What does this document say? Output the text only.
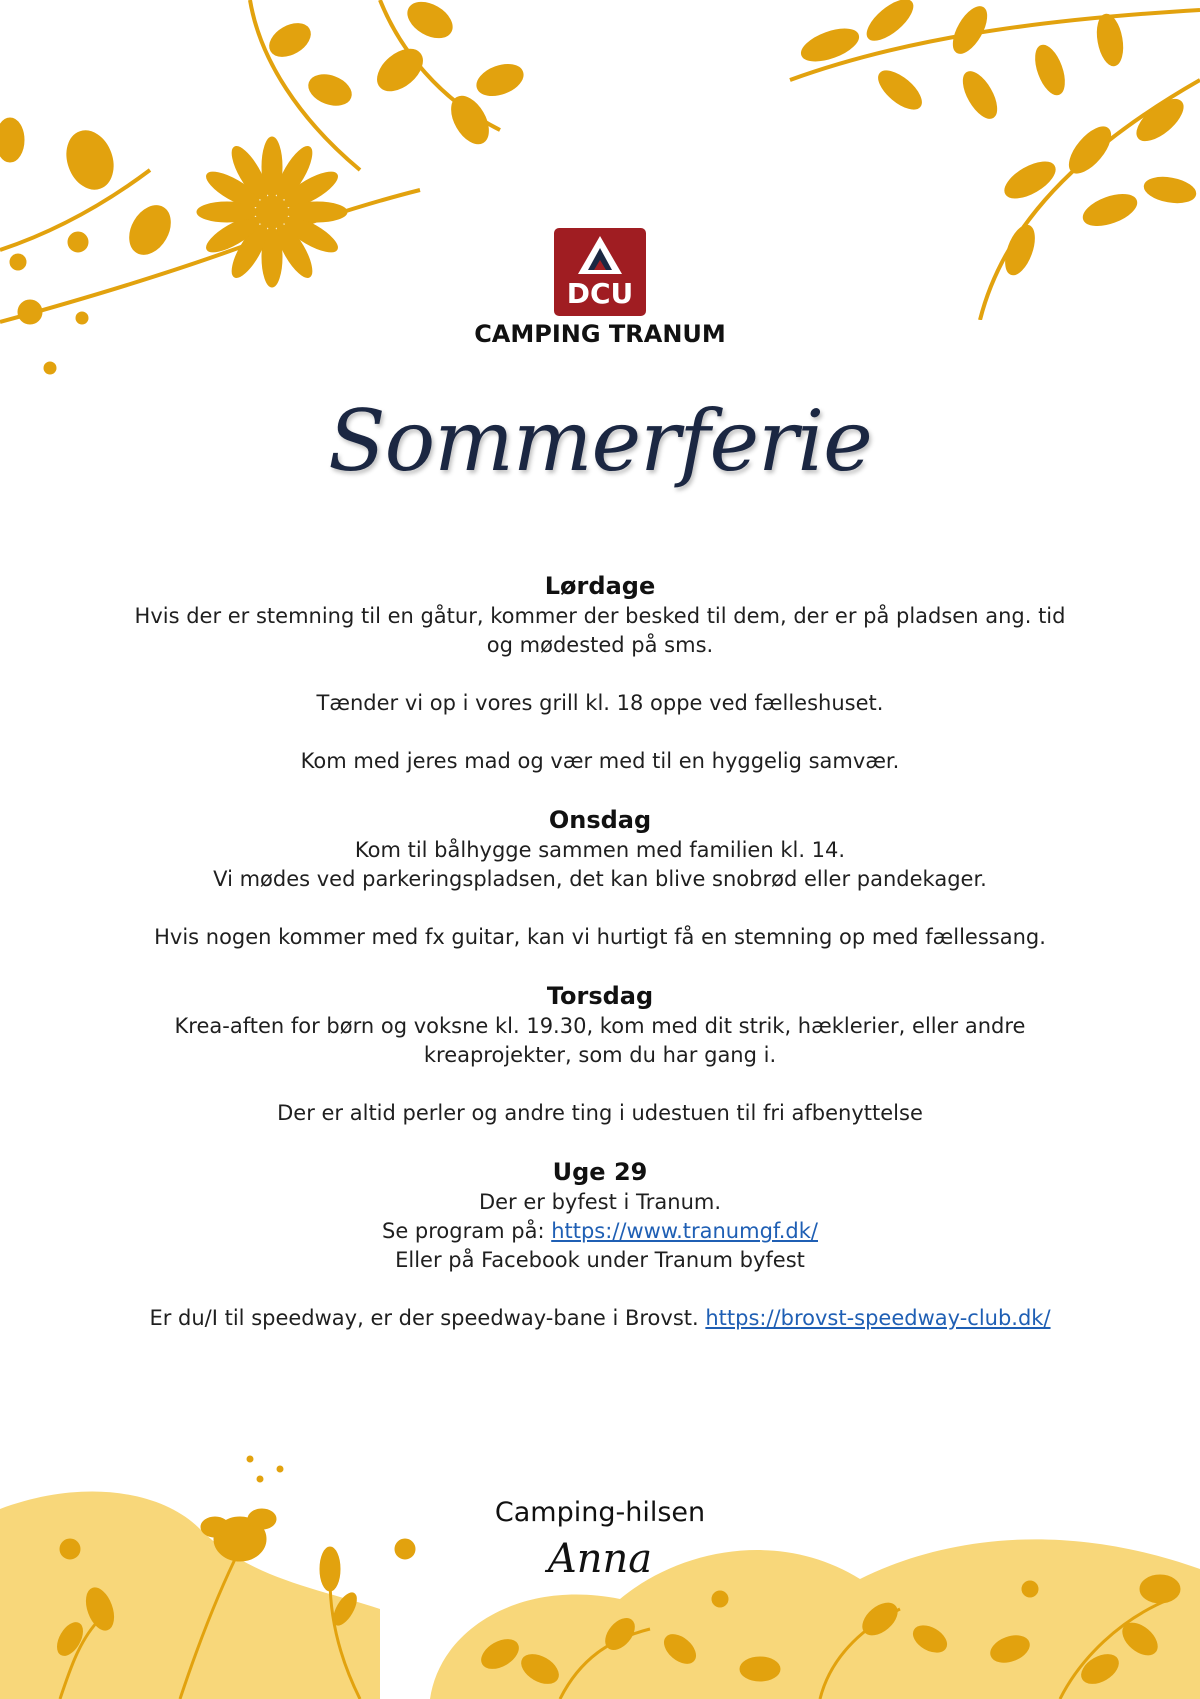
DCU
CAMPING TRANUM
Sommerferie
Lørdage

Hvis der er stemning til en gåtur, kommer der besked til dem, der er på pladsen ang. tid og mødested på sms.

Tænder vi op i vores grill kl. 18 oppe ved fælleshuset.

Kom med jeres mad og vær med til en hyggelig samvær.

Onsdag

Kom til bålhygge sammen med familien kl. 14.

Vi mødes ved parkeringspladsen, det kan blive snobrød eller pandekager.

Hvis nogen kommer med fx guitar, kan vi hurtigt få en stemning op med fællessang.

Torsdag

Krea-aften for børn og voksne kl. 19.30, kom med dit strik, hæklerier, eller andre kreaprojekter, som du har gang i.

Der er altid perler og andre ting i udestuen til fri afbenyttelse

Uge 29

Der er byfest i Tranum.

Se program på: https://www.tranumgf.dk/

Eller på Facebook under Tranum byfest

Er du/I til speedway, er der speedway-bane i Brovst. https://brovst-speedway-club.dk/

Camping-hilsen
Anna
